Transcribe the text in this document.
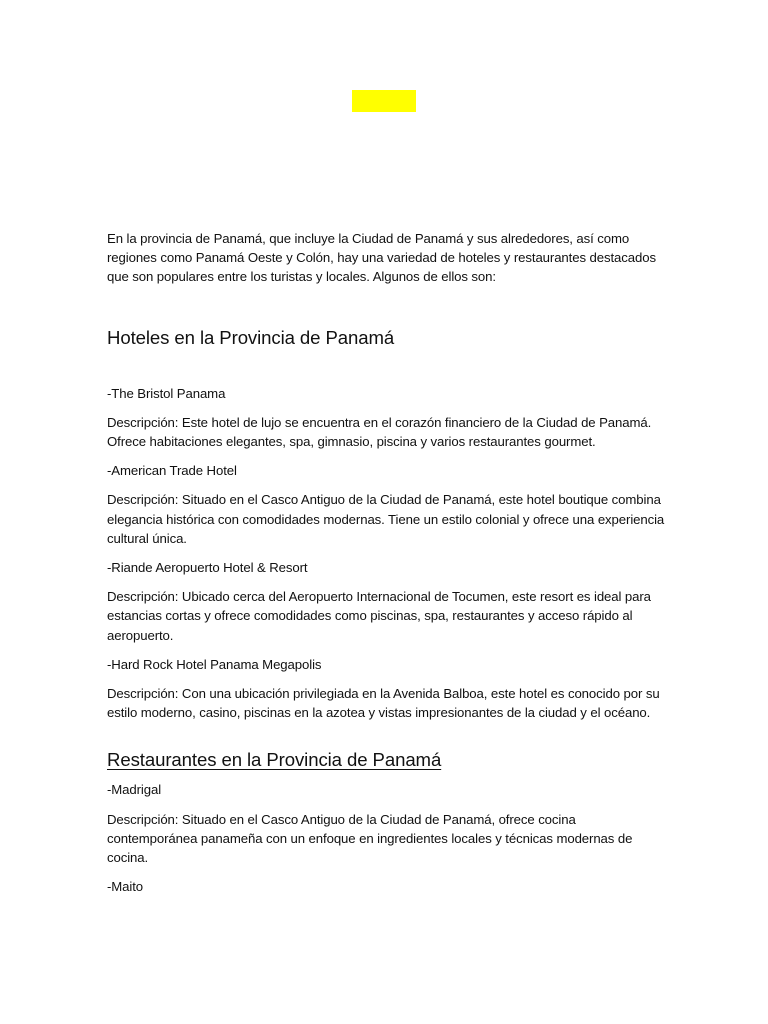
En la provincia de Panamá, que incluye la Ciudad de Panamá y sus alrededores, así como regiones como Panamá Oeste y Colón, hay una variedad de hoteles y restaurantes destacados que son populares entre los turistas y locales. Algunos de ellos son:

Hoteles en la Provincia de Panamá

-The Bristol Panama

Descripción: Este hotel de lujo se encuentra en el corazón financiero de la Ciudad de Panamá. Ofrece habitaciones elegantes, spa, gimnasio, piscina y varios restaurantes gourmet.

-American Trade Hotel

Descripción: Situado en el Casco Antiguo de la Ciudad de Panamá, este hotel boutique combina elegancia histórica con comodidades modernas. Tiene un estilo colonial y ofrece una experiencia cultural única.

-Riande Aeropuerto Hotel & Resort

Descripción: Ubicado cerca del Aeropuerto Internacional de Tocumen, este resort es ideal para estancias cortas y ofrece comodidades como piscinas, spa, restaurantes y acceso rápido al aeropuerto.

-Hard Rock Hotel Panama Megapolis

Descripción: Con una ubicación privilegiada en la Avenida Balboa, este hotel es conocido por su estilo moderno, casino, piscinas en la azotea y vistas impresionantes de la ciudad y el océano.

Restaurantes en la Provincia de Panamá

-Madrigal

Descripción: Situado en el Casco Antiguo de la Ciudad de Panamá, ofrece cocina contemporánea panameña con un enfoque en ingredientes locales y técnicas modernas de cocina.

-Maito
